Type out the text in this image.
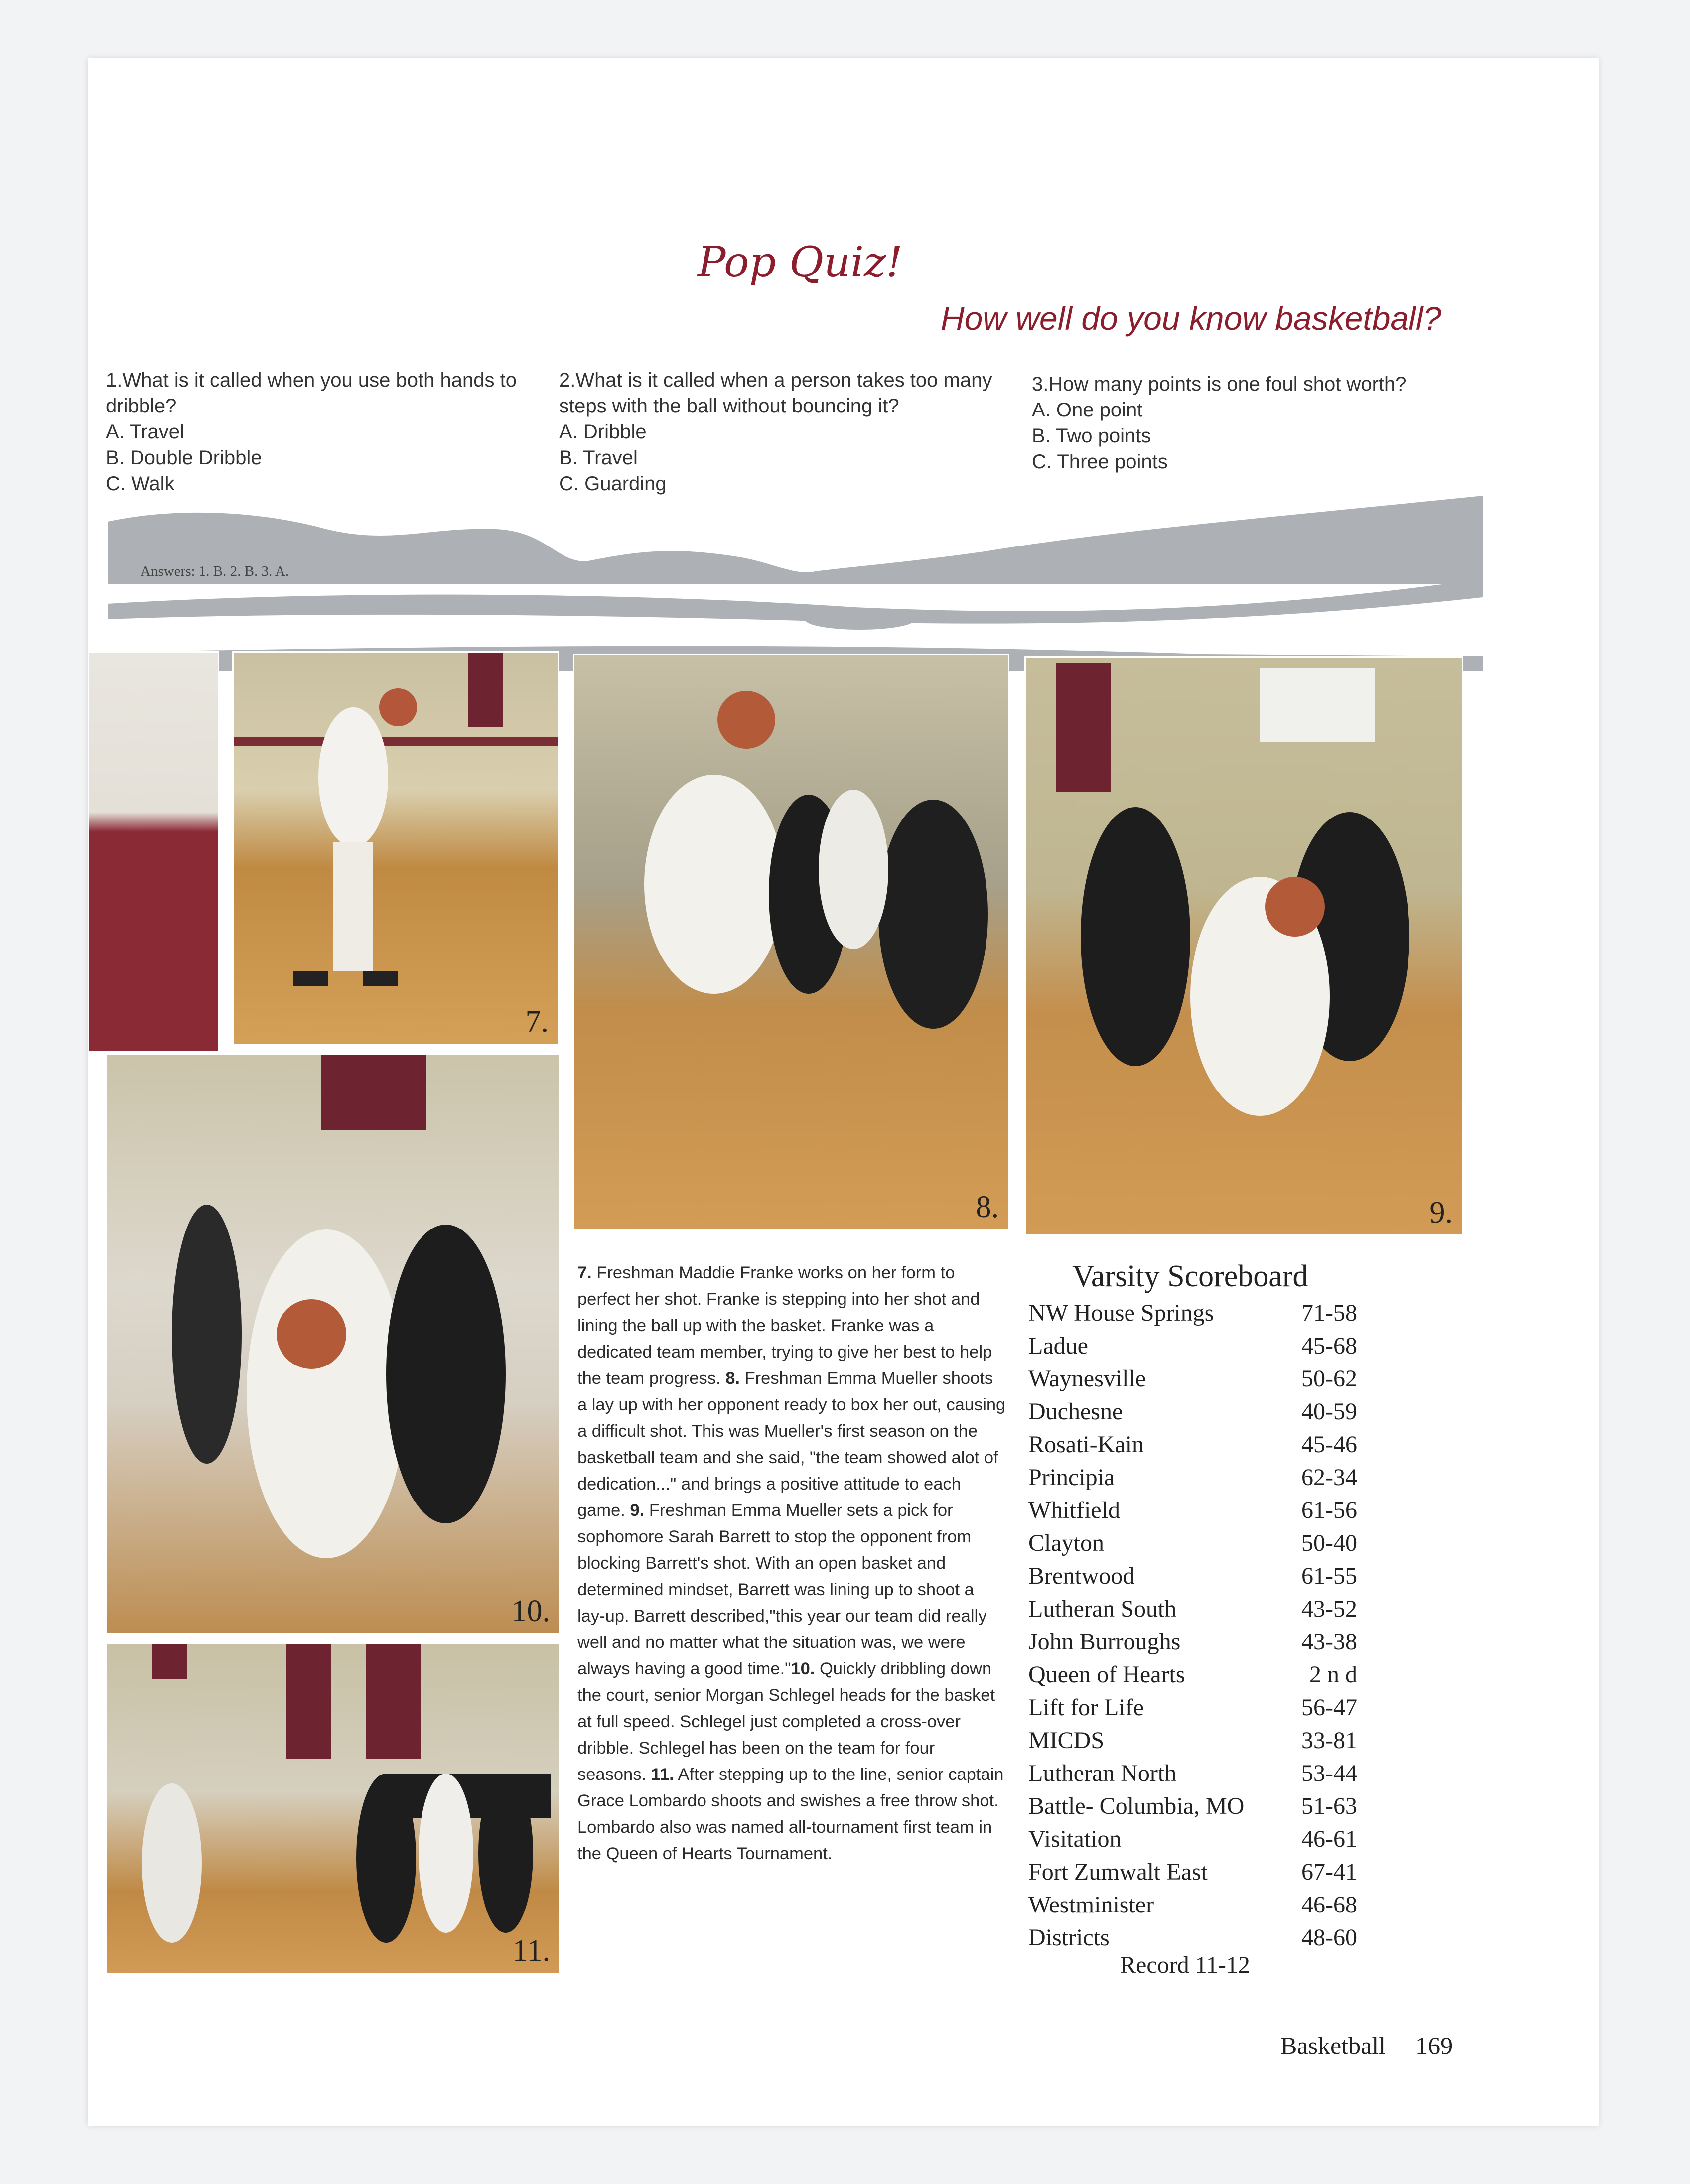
Pop Quiz!
How well do you know basketball?
1.What is it called when you use both hands to dribble?
A. Travel
B. Double Dribble
C. Walk
2.What is it called when a person takes too many steps with the ball without bouncing it?
A. Dribble
B. Travel
C. Guarding
3.How many points is one foul shot worth?
A. One point
B. Two points
C. Three points
Answers: 1. B. 2. B. 3. A.
7.
8.	9.
10.
11.
7. Freshman Maddie Franke works on her form to perfect her shot. Franke is stepping into her shot and lining the ball up with the basket. Franke was a dedicated team member, trying to give her best to help the team progress. 8. Freshman Emma Mueller shoots a lay up with her opponent ready to box her out, causing a difficult shot. This was Mueller's first season on the basketball team and she said, "the team showed alot of dedication..." and brings a positive attitude to each game. 9. Freshman Emma Mueller sets a pick for sophomore Sarah Barrett to stop the opponent from blocking Barrett's shot. With an open basket and determined mindset, Barrett was lining up to shoot a lay-up. Barrett described,"this year our team did really well and no matter what the situation was, we were always having a good time."10. Quickly dribbling down the court, senior Morgan Schlegel heads for the basket at full speed. Schlegel just completed a cross-over dribble. Schlegel has been on the team for four seasons. 11. After stepping up to the line, senior captain Grace Lombardo shoots and swishes a free throw shot. Lombardo also was named all-tournament first team in the Queen of Hearts Tournament.
Varsity Scoreboard
NW House Springs	71-58
Ladue	45-68
Waynesville	50-62
Duchesne	40-59
Rosati-Kain	45-46
Principia	62-34
Whitfield	61-56
Clayton	50-40
Brentwood	61-55
Lutheran South	43-52
John Burroughs	43-38
Queen of Hearts	2 n d
Lift for Life	56-47
MICDS	33-81
Lutheran North	53-44
Battle- Columbia, MO 51-63
Visitation	46-61
Fort Zumwalt East	67-41
Westminister	46-68
Districts	48-60
Record 11-12
Basketball 169
